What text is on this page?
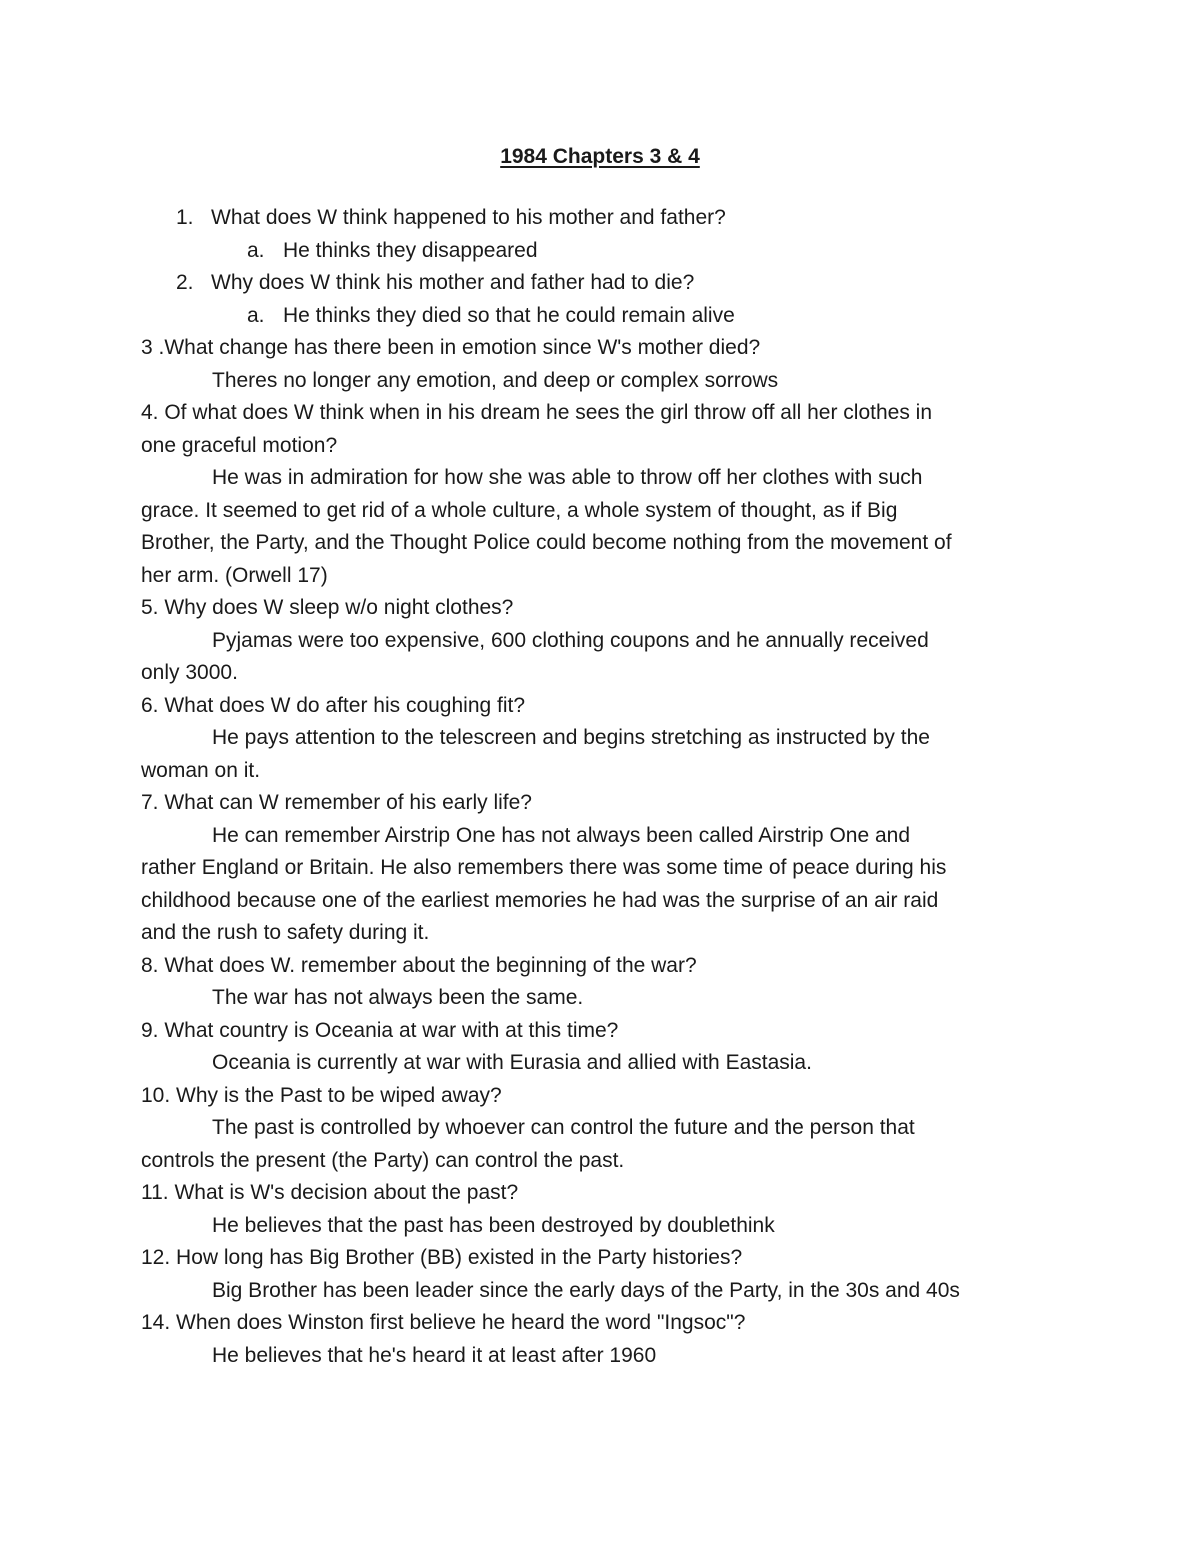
1984 Chapters 3 & 4
1. What does W think happened to his mother and father?
a. He thinks they disappeared
2. Why does W think his mother and father had to die?
a. He thinks they died so that he could remain alive
3 .What change has there been in emotion since W's mother died?
Theres no longer any emotion, and deep or complex sorrows
4. Of what does W think when in his dream he sees the girl throw off all her clothes in
one graceful motion?
He was in admiration for how she was able to throw off her clothes with such
grace. It seemed to get rid of a whole culture, a whole system of thought, as if Big
Brother, the Party, and the Thought Police could become nothing from the movement of
her arm. (Orwell 17)
5. Why does W sleep w/o night clothes?
Pyjamas were too expensive, 600 clothing coupons and he annually received
only 3000.
6. What does W do after his coughing fit?
He pays attention to the telescreen and begins stretching as instructed by the
woman on it.
7. What can W remember of his early life?
He can remember Airstrip One has not always been called Airstrip One and
rather England or Britain. He also remembers there was some time of peace during his
childhood because one of the earliest memories he had was the surprise of an air raid
and the rush to safety during it.
8. What does W. remember about the beginning of the war?
The war has not always been the same.
9. What country is Oceania at war with at this time?
Oceania is currently at war with Eurasia and allied with Eastasia.
10. Why is the Past to be wiped away?
The past is controlled by whoever can control the future and the person that
controls the present (the Party) can control the past.
11. What is W's decision about the past?
He believes that the past has been destroyed by doublethink
12. How long has Big Brother (BB) existed in the Party histories?
Big Brother has been leader since the early days of the Party, in the 30s and 40s
14. When does Winston first believe he heard the word "Ingsoc"?
He believes that he's heard it at least after 1960
